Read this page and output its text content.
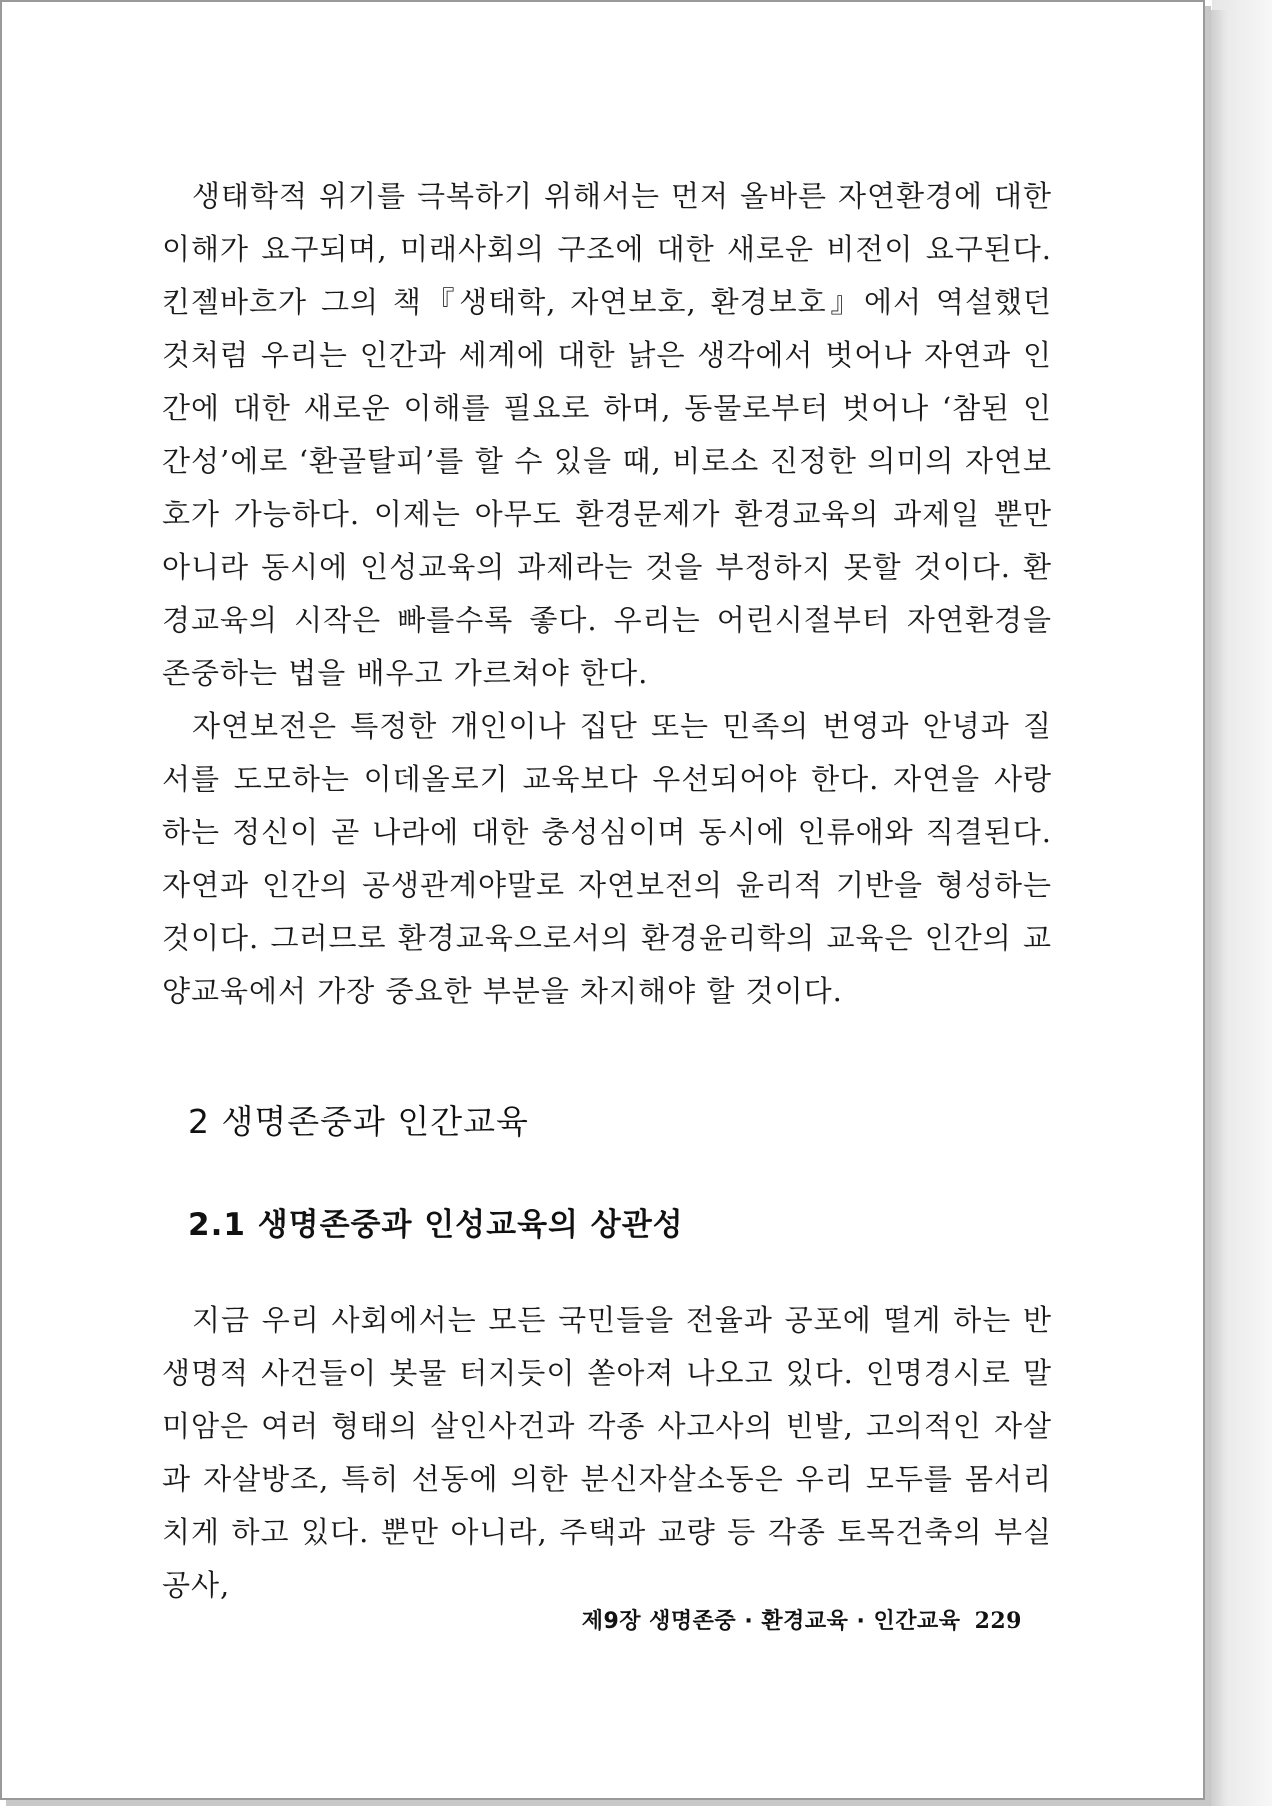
생태학적 위기를 극복하기 위해서는 먼저 올바른 자연환경에 대한 이해가 요구되며, 미래사회의 구조에 대한 새로운 비전이 요구된다. 킨젤바흐가 그의 책『생태학, 자연보호, 환경보호』에서 역설했던 것처럼 우리는 인간과 세계에 대한 낡은 생각에서 벗어나 자연과 인간에 대한 새로운 이해를 필요로 하며, 동물로부터 벗어나 ‘참된 인간성’에로 ‘환골탈피’를 할 수 있을 때, 비로소 진정한 의미의 자연보호가 가능하다. 이제는 아무도 환경문제가 환경교육의 과제일 뿐만 아니라 동시에 인성교육의 과제라는 것을 부정하지 못할 것이다. 환경교육의 시작은 빠를수록 좋다. 우리는 어린시절부터 자연환경을 존중하는 법을 배우고 가르쳐야 한다.

자연보전은 특정한 개인이나 집단 또는 민족의 번영과 안녕과 질서를 도모하는 이데올로기 교육보다 우선되어야 한다. 자연을 사랑하는 정신이 곧 나라에 대한 충성심이며 동시에 인류애와 직결된다. 자연과 인간의 공생관계야말로 자연보전의 윤리적 기반을 형성하는 것이다. 그러므로 환경교육으로서의 환경윤리학의 교육은 인간의 교양교육에서 가장 중요한 부분을 차지해야 할 것이다.

2 생명존중과 인간교육
2.1 생명존중과 인성교육의 상관성

지금 우리 사회에서는 모든 국민들을 전율과 공포에 떨게 하는 반생명적 사건들이 봇물 터지듯이 쏟아져 나오고 있다. 인명경시로 말미암은 여러 형태의 살인사건과 각종 사고사의 빈발, 고의적인 자살과 자살방조, 특히 선동에 의한 분신자살소동은 우리 모두를 몸서리치게 하고 있다. 뿐만 아니라, 주택과 교량 등 각종 토목건축의 부실공사,

제9장 생명존중 · 환경교육 · 인간교육 229
